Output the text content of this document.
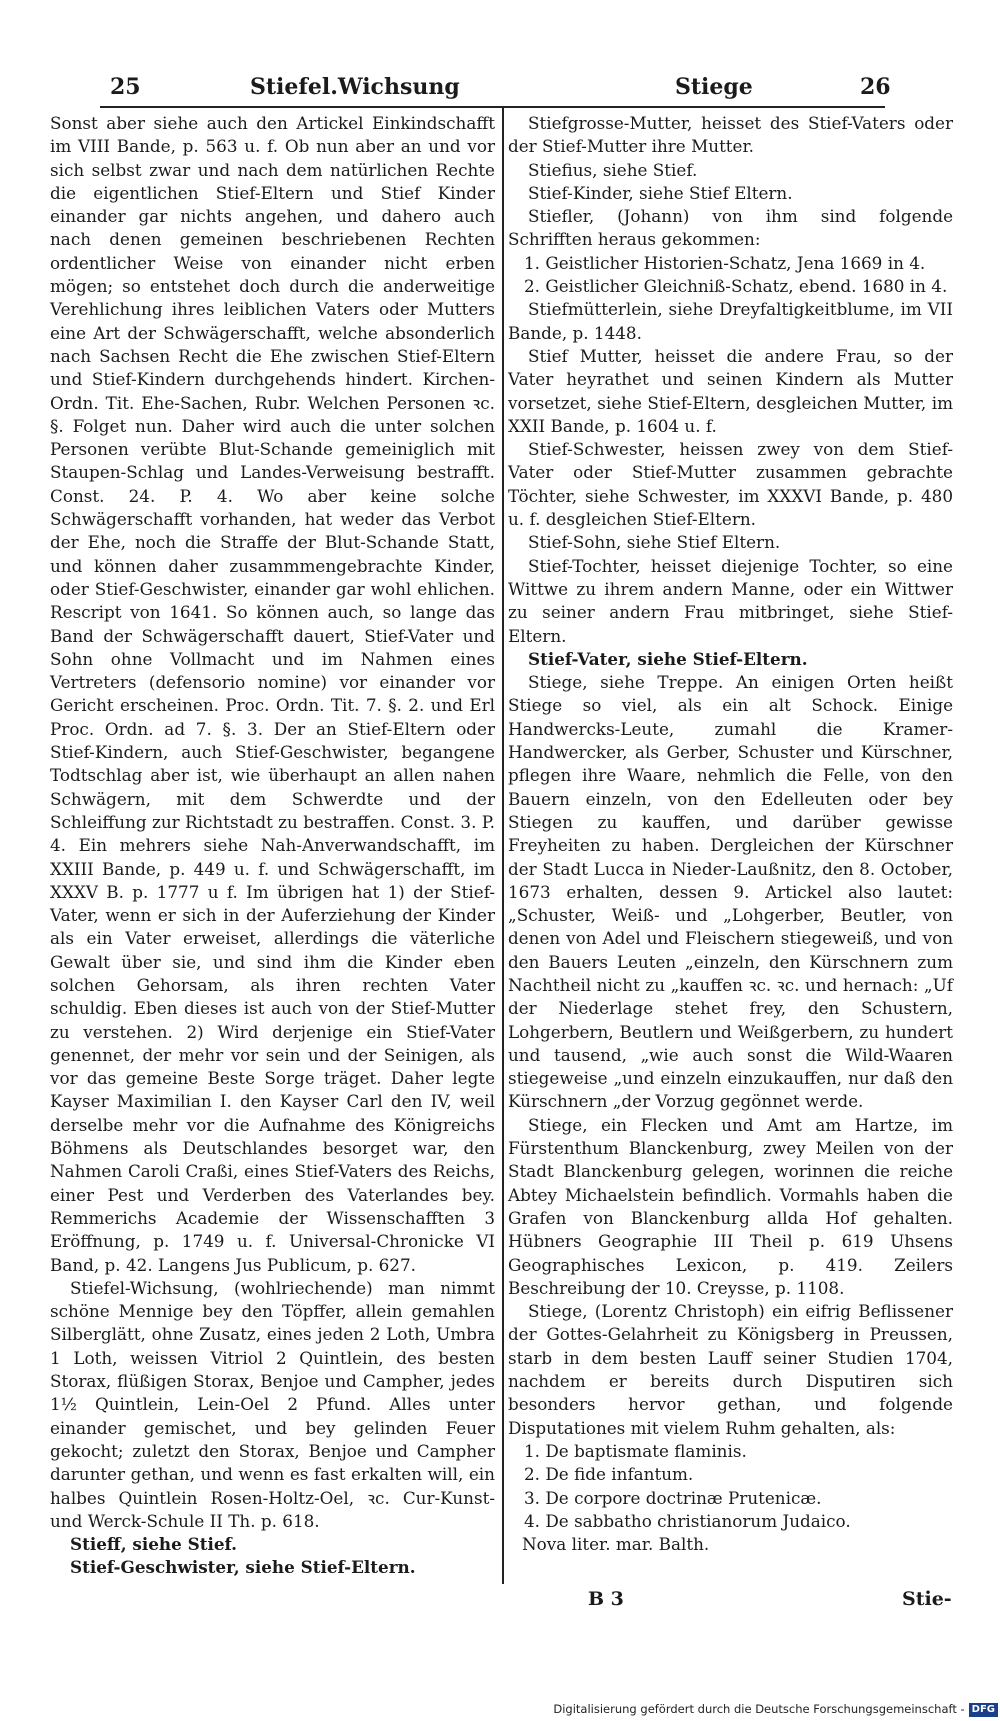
25	Stiefel.Wichsung	Stiege	26

Sonst aber siehe auch den Artickel Einkindschafft im VIII Bande, p. 563 u. f. Ob nun aber an und vor sich selbst zwar und nach dem natürlichen Rechte die eigentlichen Stief-Eltern und Stief Kinder einander gar nichts angehen, und dahero auch nach denen gemeinen beschriebenen Rechten ordentlicher Weise von einander nicht erben mögen; so entstehet doch durch die anderweitige Verehlichung ihres leiblichen Vaters oder Mutters eine Art der Schwägerschafft, welche absonderlich nach Sachsen Recht die Ehe zwischen Stief-Eltern und Stief-Kindern durchgehends hindert. Kirchen-Ordn. Tit. Ehe-Sachen, Rubr. Welchen Personen ꝛc. §. Folget nun. Daher wird auch die unter solchen Personen verübte Blut-Schande gemeiniglich mit Staupen-Schlag und Landes-Verweisung bestrafft. Const. 24. P. 4. Wo aber keine solche Schwägerschafft vorhanden, hat weder das Verbot der Ehe, noch die Straffe der Blut-Schande Statt, und können daher zusammmengebrachte Kinder, oder Stief-Geschwister, einander gar wohl ehlichen. Rescript von 1641. So können auch, so lange das Band der Schwägerschafft dauert, Stief-Vater und Sohn ohne Vollmacht und im Nahmen eines Vertreters (defensorio nomine) vor einander vor Gericht erscheinen. Proc. Ordn. Tit. 7. §. 2. und Erl Proc. Ordn. ad 7. §. 3. Der an Stief-Eltern oder Stief-Kindern, auch Stief-Geschwister, begangene Todtschlag aber ist, wie überhaupt an allen nahen Schwägern, mit dem Schwerdte und der Schleiffung zur Richtstadt zu bestraffen. Const. 3. P. 4. Ein mehrers siehe Nah-Anverwandschafft, im XXIII Bande, p. 449 u. f. und Schwägerschafft, im XXXV B. p. 1777 u f. Im übrigen hat 1) der Stief-Vater, wenn er sich in der Auferziehung der Kinder als ein Vater erweiset, allerdings die väterliche Gewalt über sie, und sind ihm die Kinder eben solchen Gehorsam, als ihren rechten Vater schuldig. Eben dieses ist auch von der Stief-Mutter zu verstehen. 2) Wird derjenige ein Stief-Vater genennet, der mehr vor sein und der Seinigen, als vor das gemeine Beste Sorge träget. Daher legte Kayser Maximilian I. den Kayser Carl den IV, weil derselbe mehr vor die Aufnahme des Königreichs Böhmens als Deutschlandes besorget war, den Nahmen Caroli Craßi, eines Stief-Vaters des Reichs, einer Pest und Verderben des Vaterlandes bey. Remmerichs Academie der Wissenschafften 3 Eröffnung, p. 1749 u. f. Universal-Chronicke VI Band, p. 42. Langens Jus Publicum, p. 627.

Stiefel-Wichsung, (wohlriechende) man nimmt schöne Mennige bey den Töpffer, allein gemahlen Silberglätt, ohne Zusatz, eines jeden 2 Loth, Umbra 1 Loth, weissen Vitriol 2 Quintlein, des besten Storax, flüßigen Storax, Benjoe und Campher, jedes 1½ Quintlein, Lein-Oel 2 Pfund. Alles unter einander gemischet, und bey gelinden Feuer gekocht; zuletzt den Storax, Benjoe und Campher darunter gethan, und wenn es fast erkalten will, ein halbes Quintlein Rosen-Holtz-Oel, ꝛc. Cur-Kunst- und Werck-Schule II Th. p. 618.

Stieff, siehe Stief.

Stief-Geschwister, siehe Stief-Eltern.

Stiefgrosse-Mutter, heisset des Stief-Vaters oder der Stief-Mutter ihre Mutter.

Stiefius, siehe Stief.

Stief-Kinder, siehe Stief Eltern.

Stiefler, (Johann) von ihm sind folgende Schrifften heraus gekommen:

1. Geistlicher Historien-Schatz, Jena 1669 in 4.

2. Geistlicher Gleichniß-Schatz, ebend. 1680 in 4.

Stiefmütterlein, siehe Dreyfaltigkeitblume, im VII Bande, p. 1448.

Stief Mutter, heisset die andere Frau, so der Vater heyrathet und seinen Kindern als Mutter vorsetzet, siehe Stief-Eltern, desgleichen Mutter, im XXII Bande, p. 1604 u. f.

Stief-Schwester, heissen zwey von dem Stief-Vater oder Stief-Mutter zusammen gebrachte Töchter, siehe Schwester, im XXXVI Bande, p. 480 u. f. desgleichen Stief-Eltern.

Stief-Sohn, siehe Stief Eltern.

Stief-Tochter, heisset diejenige Tochter, so eine Wittwe zu ihrem andern Manne, oder ein Wittwer zu seiner andern Frau mitbringet, siehe Stief-Eltern.

Stief-Vater, siehe Stief-Eltern.

Stiege, siehe Treppe. An einigen Orten heißt Stiege so viel, als ein alt Schock. Einige Handwercks-Leute, zumahl die Kramer-Handwercker, als Gerber, Schuster und Kürschner, pflegen ihre Waare, nehmlich die Felle, von den Bauern einzeln, von den Edelleuten oder bey Stiegen zu kauffen, und darüber gewisse Freyheiten zu haben. Dergleichen der Kürschner der Stadt Lucca in Nieder-Laußnitz, den 8. October, 1673 erhalten, dessen 9. Artickel also lautet: „Schuster, Weiß- und „Lohgerber, Beutler, von denen von Adel und Fleischern stiegeweiß, und von den Bauers Leuten „einzeln, den Kürschnern zum Nachtheil nicht zu „kauffen ꝛc. ꝛc. und hernach: „Uf der Niederlage stehet frey, den Schustern, Lohgerbern, Beutlern und Weißgerbern, zu hundert und tausend, „wie auch sonst die Wild-Waaren stiegeweise „und einzeln einzukauffen, nur daß den Kürschnern „der Vorzug gegönnet werde.

Stiege, ein Flecken und Amt am Hartze, im Fürstenthum Blanckenburg, zwey Meilen von der Stadt Blanckenburg gelegen, worinnen die reiche Abtey Michaelstein befindlich. Vormahls haben die Grafen von Blanckenburg allda Hof gehalten. Hübners Geographie III Theil p. 619 Uhsens Geographisches Lexicon, p. 419. Zeilers Beschreibung der 10. Creysse, p. 1108.

Stiege, (Lorentz Christoph) ein eifrig Beflissener der Gottes-Gelahrheit zu Königsberg in Preussen, starb in dem besten Lauff seiner Studien 1704, nachdem er bereits durch Disputiren sich besonders hervor gethan, und folgende Disputationes mit vielem Ruhm gehalten, als:

1. De baptismate flaminis.

2. De fide infantum.

3. De corpore doctrinæ Prutenicæ.

4. De sabbatho christianorum Judaico.

Nova liter. mar. Balth.

B 3	Stie-
Digitalisierung gefördert durch die Deutsche Forschungsgemeinschaft - DFG
